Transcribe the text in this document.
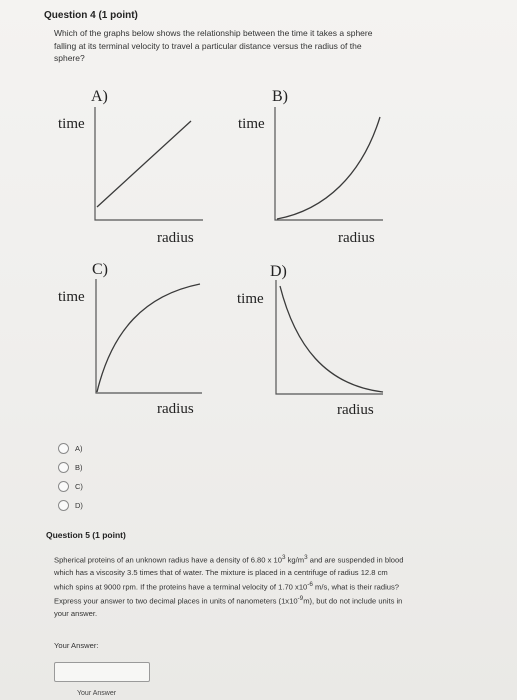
Question 4 (1 point)
Which of the graphs below shows the relationship between the time it takes a sphere falling at its terminal velocity to travel a particular distance versus the radius of the sphere?
A)
time
radius
B)
time
radius
C)
time
radius
D)
time
radius
A)
B)
C)
D)
Question 5 (1 point)
Spherical proteins of an unknown radius have a density of 6.80 x $10^3$ $kg/m^3$ and are suspended in blood which has a viscosity 3.5 times that of water. The mixture is placed in a centrifuge of radius 12.8 cm which spins at 9000 rpm. If the proteins have a terminal velocity of 1.70 $x10^{-6}$ m/s, what is their radius? Express your answer to two decimal places in units of nanometers $(1x10^{-9}m)$, but do not include units in your answer.
Your Answer:
Your Answer
